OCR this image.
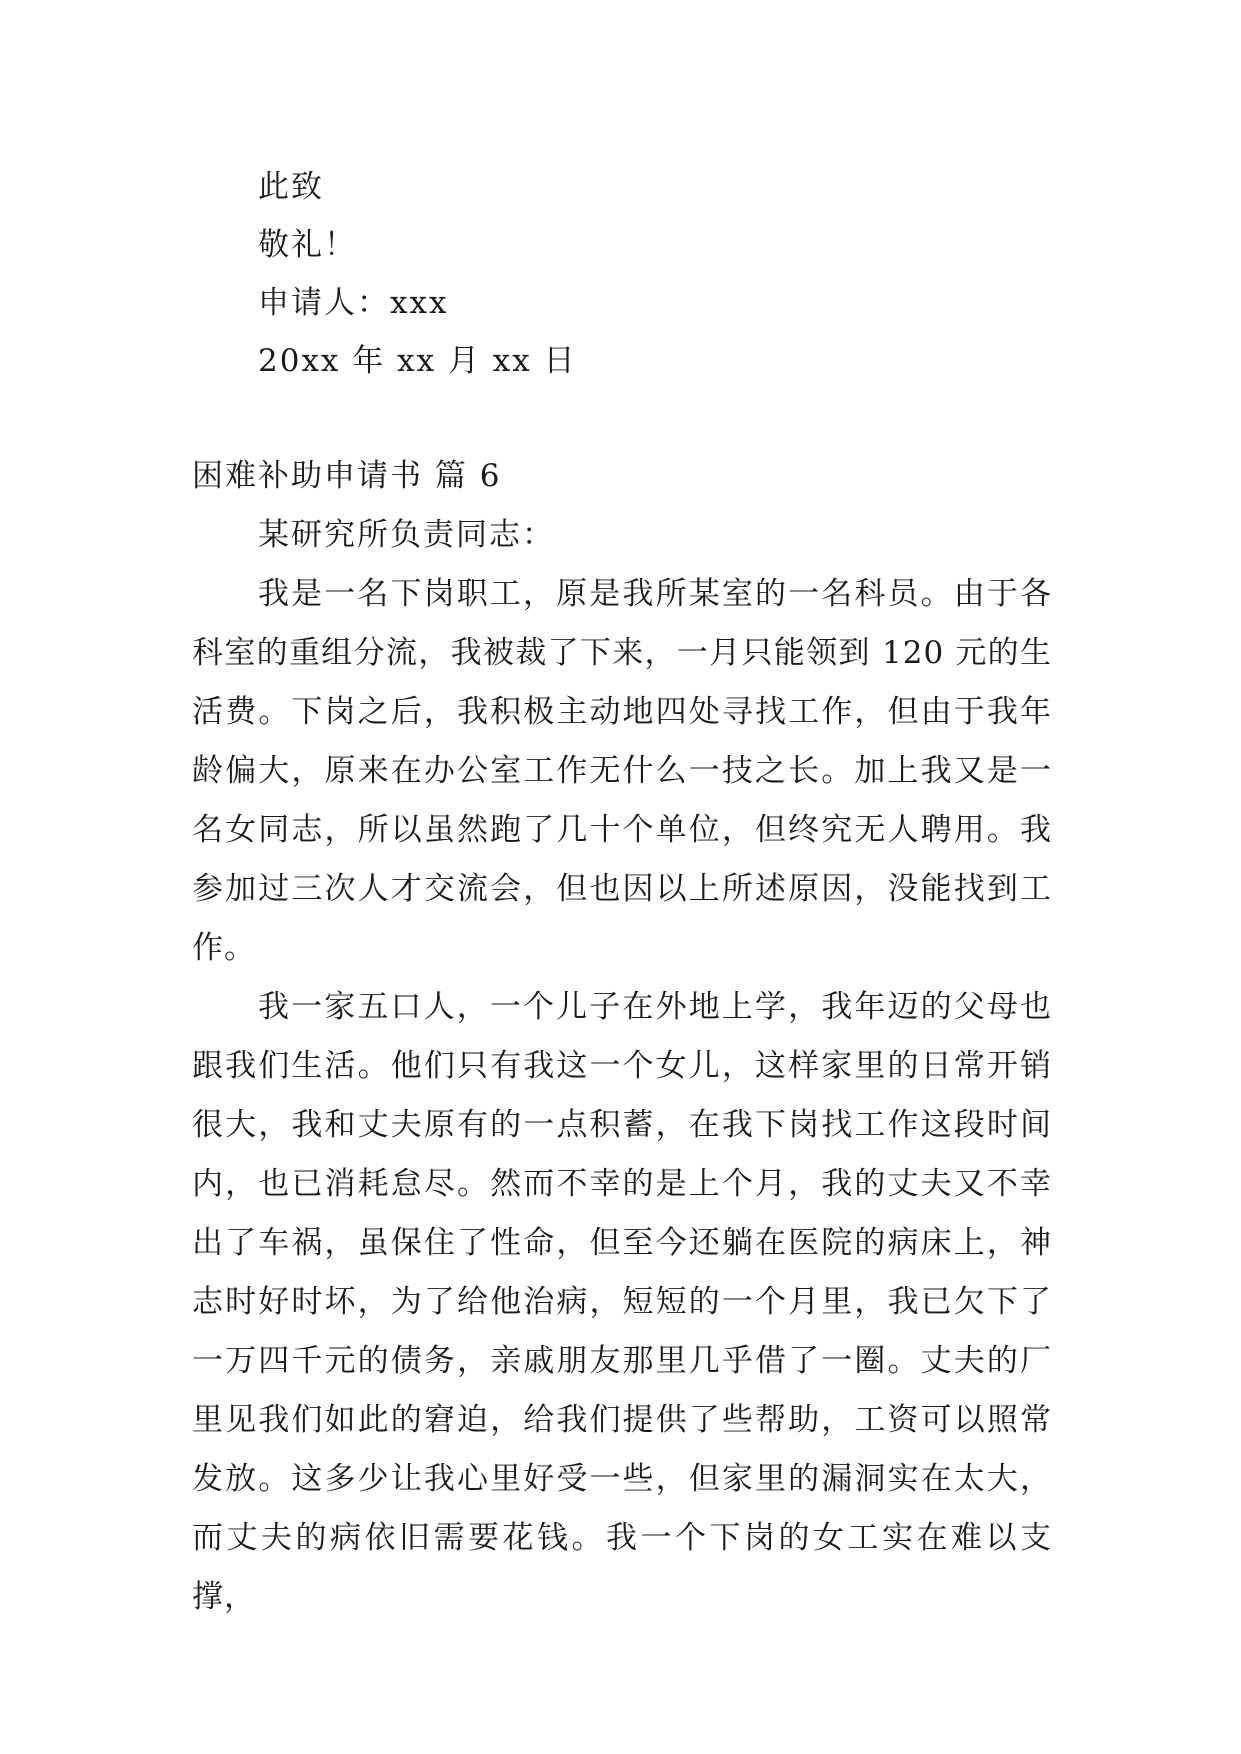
此致
敬礼！
申请人：xxx
20xx 年 xx 月 xx 日
困难补助申请书 篇 6
某研究所负责同志：

我是一名下岗职工，原是我所某室的一名科员。由于各科室的重组分流，我被裁了下来，一月只能领到 120 元的生活费。下岗之后，我积极主动地四处寻找工作，但由于我年龄偏大，原来在办公室工作无什么一技之长。加上我又是一名女同志，所以虽然跑了几十个单位，但终究无人聘用。我参加过三次人才交流会，但也因以上所述原因，没能找到工作。

我一家五口人，一个儿子在外地上学，我年迈的父母也跟我们生活。他们只有我这一个女儿，这样家里的日常开销很大，我和丈夫原有的一点积蓄，在我下岗找工作这段时间内，也已消耗怠尽。然而不幸的是上个月，我的丈夫又不幸出了车祸，虽保住了性命，但至今还躺在医院的病床上，神志时好时坏，为了给他治病，短短的一个月里，我已欠下了一万四千元的债务，亲戚朋友那里几乎借了一圈。丈夫的厂里见我们如此的窘迫，给我们提供了些帮助，工资可以照常发放。这多少让我心里好受一些，但家里的漏洞实在太大，而丈夫的病依旧需要花钱。我一个下岗的女工实在难以支撑，
